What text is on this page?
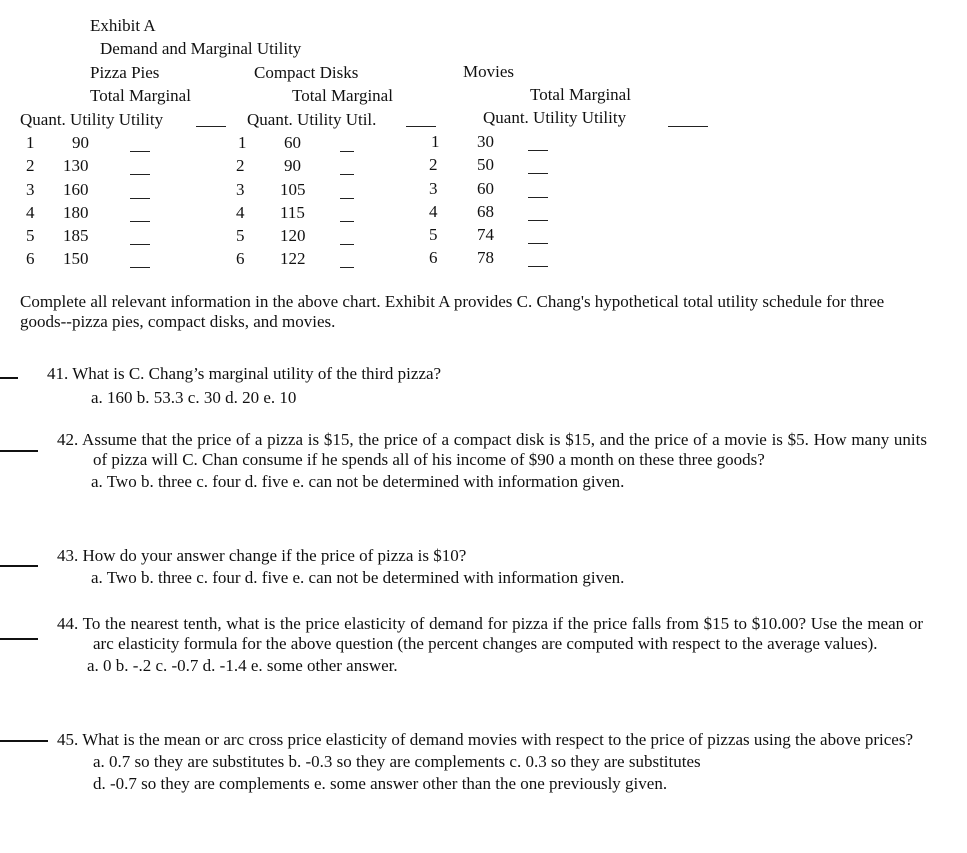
Exhibit A
Demand and Marginal Utility
Pizza Pies	Compact Disks	Movies
Total Marginal	Total Marginal	Total Marginal
Quant. Utility Utility	Quant. Utility Util.	Quant. Utility Utility
1 90	1 60	1 30
2 130	2 90	2 50
3 160	3 105	3 60
4 180	4 115	4 68
5 185	5 120	5 74
6 150	6 122	6 78
Complete all relevant information in the above chart. Exhibit A provides C. Chang's hypothetical total utility schedule for three goods--pizza pies, compact disks, and movies.
41. What is C. Chang’s marginal utility of the third pizza?
a. 160 b. 53.3 c. 30 d. 20 e. 10
42. Assume that the price of a pizza is $15, the price of a compact disk is $15, and the price of a movie is $5. How many units of pizza will C. Chan consume if he spends all of his income of $90 a month on these three goods?
a. Two b. three c. four d. five e. can not be determined with information given.
43. How do your answer change if the price of pizza is $10?
a. Two b. three c. four d. five e. can not be determined with information given.
44. To the nearest tenth, what is the price elasticity of demand for pizza if the price falls from $15 to $10.00? Use the mean or arc elasticity formula for the above question (the percent changes are computed with respect to the average values).
a. 0 b. -.2 c. -0.7 d. -1.4 e. some other answer.
45. What is the mean or arc cross price elasticity of demand movies with respect to the price of pizzas using the above prices?
a. 0.7 so they are substitutes b. -0.3 so they are complements c. 0.3 so they are substitutes
d. -0.7 so they are complements e. some answer other than the one previously given.
